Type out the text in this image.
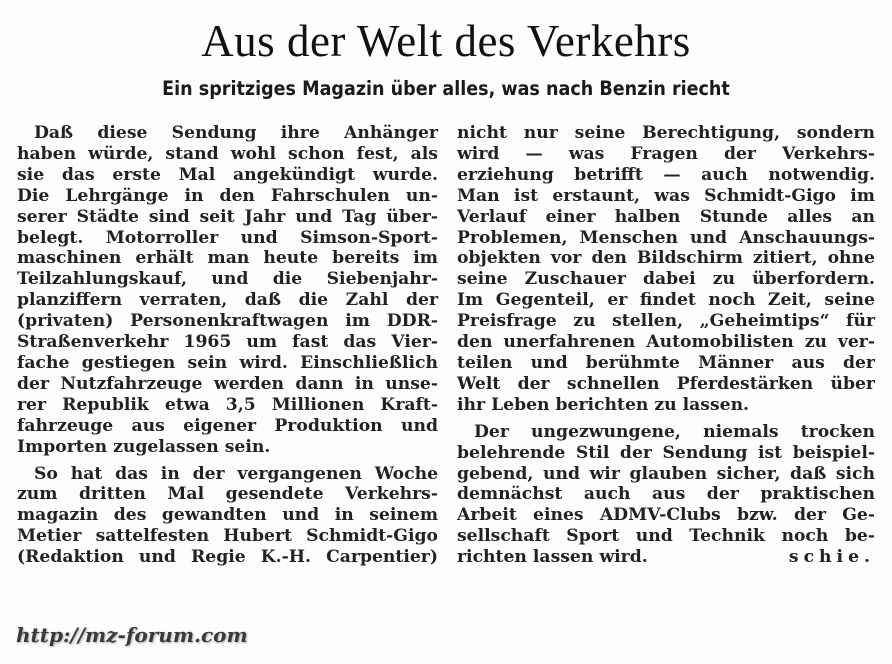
Aus der Welt des Verkehrs
Ein spritziges Magazin über alles, was nach Benzin riecht

Daß diese Sendung ihre Anhänger
haben würde, stand wohl schon fest, als
sie das erste Mal angekündigt wurde.
Die Lehrgänge in den Fahrschulen un-
serer Städte sind seit Jahr und Tag über-
belegt. Motorroller und Simson-Sport-
maschinen erhält man heute bereits im
Teilzahlungskauf, und die Siebenjahr-
planziffern verraten, daß die Zahl der
(privaten) Personenkraftwagen im DDR-
Straßenverkehr 1965 um fast das Vier-
fache gestiegen sein wird. Einschließlich
der Nutzfahrzeuge werden dann in unse-
rer Republik etwa 3,5 Millionen Kraft-
fahrzeuge aus eigener Produktion und
Importen zugelassen sein.

So hat das in der vergangenen Woche
zum dritten Mal gesendete Verkehrs-
magazin des gewandten und in seinem
Metier sattelfesten Hubert Schmidt-Gigo
(Redaktion und Regie K.-H. Carpentier)

nicht nur seine Berechtigung, sondern
wird — was Fragen der Verkehrs-
erziehung betrifft — auch notwendig.
Man ist erstaunt, was Schmidt-Gigo im
Verlauf einer halben Stunde alles an
Problemen, Menschen und Anschauungs-
objekten vor den Bildschirm zitiert, ohne
seine Zuschauer dabei zu überfordern.
Im Gegenteil, er findet noch Zeit, seine
Preisfrage zu stellen, „Geheimtips“ für
den unerfahrenen Automobilisten zu ver-
teilen und berühmte Männer aus der
Welt der schnellen Pferdestärken über
ihr Leben berichten zu lassen.

Der ungezwungene, niemals trocken
belehrende Stil der Sendung ist beispiel-
gebend, und wir glauben sicher, daß sich
demnächst auch aus der praktischen
Arbeit eines ADMV-Clubs bzw. der Ge-
sellschaft Sport und Technik noch be-
richten lassen wird.	schie.

http://mz-forum.com
